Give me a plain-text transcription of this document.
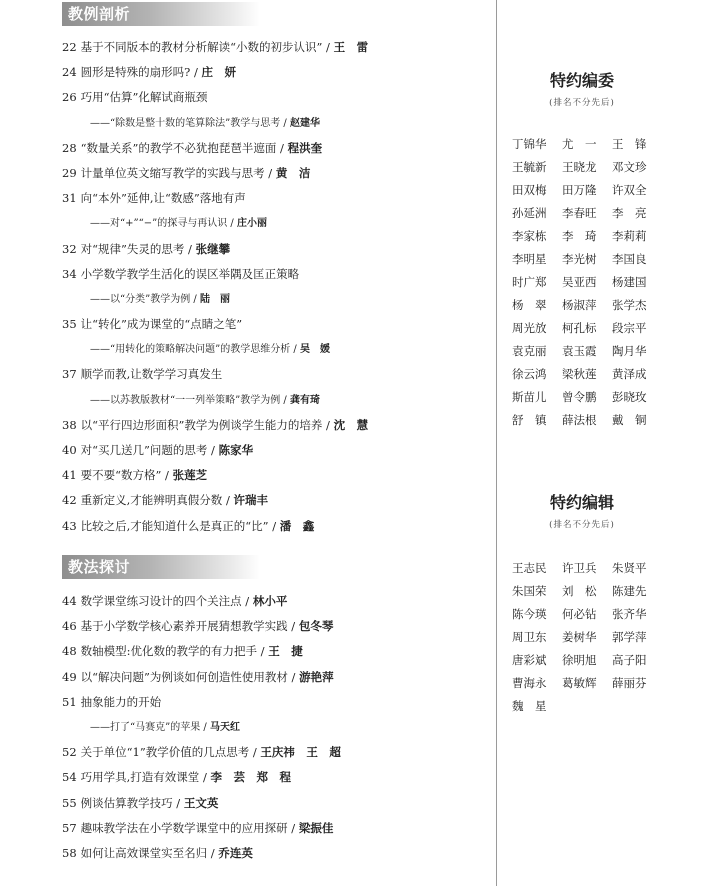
教例剖析
22 基于不同版本的教材分析解读“小数的初步认识” / 王　雷
24 圆形是特殊的扇形吗? / 庄　妍
26 巧用“估算”化解试商瓶颈
——“除数是整十数的笔算除法”教学与思考 / 赵建华
28 “数量关系”的教学不必犹抱琵琶半遮面 / 程洪奎
29 计量单位英文缩写教学的实践与思考 / 黄　洁
31 向“本外”延伸,让“数感”落地有声
——对“+”“−”的探寻与再认识 / 庄小丽
32 对“规律”失灵的思考 / 张继攀
34 小学数学教学生活化的误区举隅及匡正策略
——以“分类”教学为例 / 陆　丽
35 让“转化”成为课堂的“点睛之笔”
——“用转化的策略解决问题”的教学思维分析 / 吴　媛
37 顺学而教,让数学学习真发生
——以苏教版教材“一一列举策略”教学为例 / 龚有琦
38 以“平行四边形面积”教学为例谈学生能力的培养 / 沈　慧
40 对“买几送几”问题的思考 / 陈家华
41 要不要“数方格” / 张莲芝
42 重新定义,才能辨明真假分数 / 许瑞丰
43 比较之后,才能知道什么是真正的“比” / 潘　鑫
教法探讨
44 数学课堂练习设计的四个关注点 / 林小平
46 基于小学数学核心素养开展猜想教学实践 / 包冬琴
48 数轴模型:优化数的教学的有力把手 / 王　捷
49 以“解决问题”为例谈如何创造性使用教材 / 游艳萍
51 抽象能力的开始
——打了“马赛克”的苹果 / 马天红
52 关于单位“1”教学价值的几点思考 / 王庆祎　王　超
54 巧用学具,打造有效课堂 / 李　芸　郑　程
55 例谈估算教学技巧 / 王文英
57 趣味教学法在小学数学课堂中的应用探研 / 梁振佳
58 如何让高效课堂实至名归 / 乔连英
特约编委
(排名不分先后)
丁锦华	尤　一	王　锋
王毓新	王晓龙	邓文珍
田双梅	田万隆	许双全
孙延洲	李春旺	李　亮
李家栋	李　琦	李莉莉
李明星	李光树	李国良
时广郑	吴亚西	杨建国
杨　翠	杨淑萍	张学杰
周光放	柯孔标	段宗平
袁克丽	袁玉霞	陶月华
徐云鸿	梁秋莲	黄泽成
斯苗儿	曾令鹏	彭晓玫
舒　镇	薛法根	戴　铜
特约编辑
(排名不分先后)
王志民	许卫兵	朱贤平
朱国荣	刘　松	陈建先
陈今瑛	何必钻	张齐华
周卫东	姜树华	郭学萍
唐彩斌	徐明旭	高子阳
曹海永	葛敏辉	薛丽芬
魏　星
